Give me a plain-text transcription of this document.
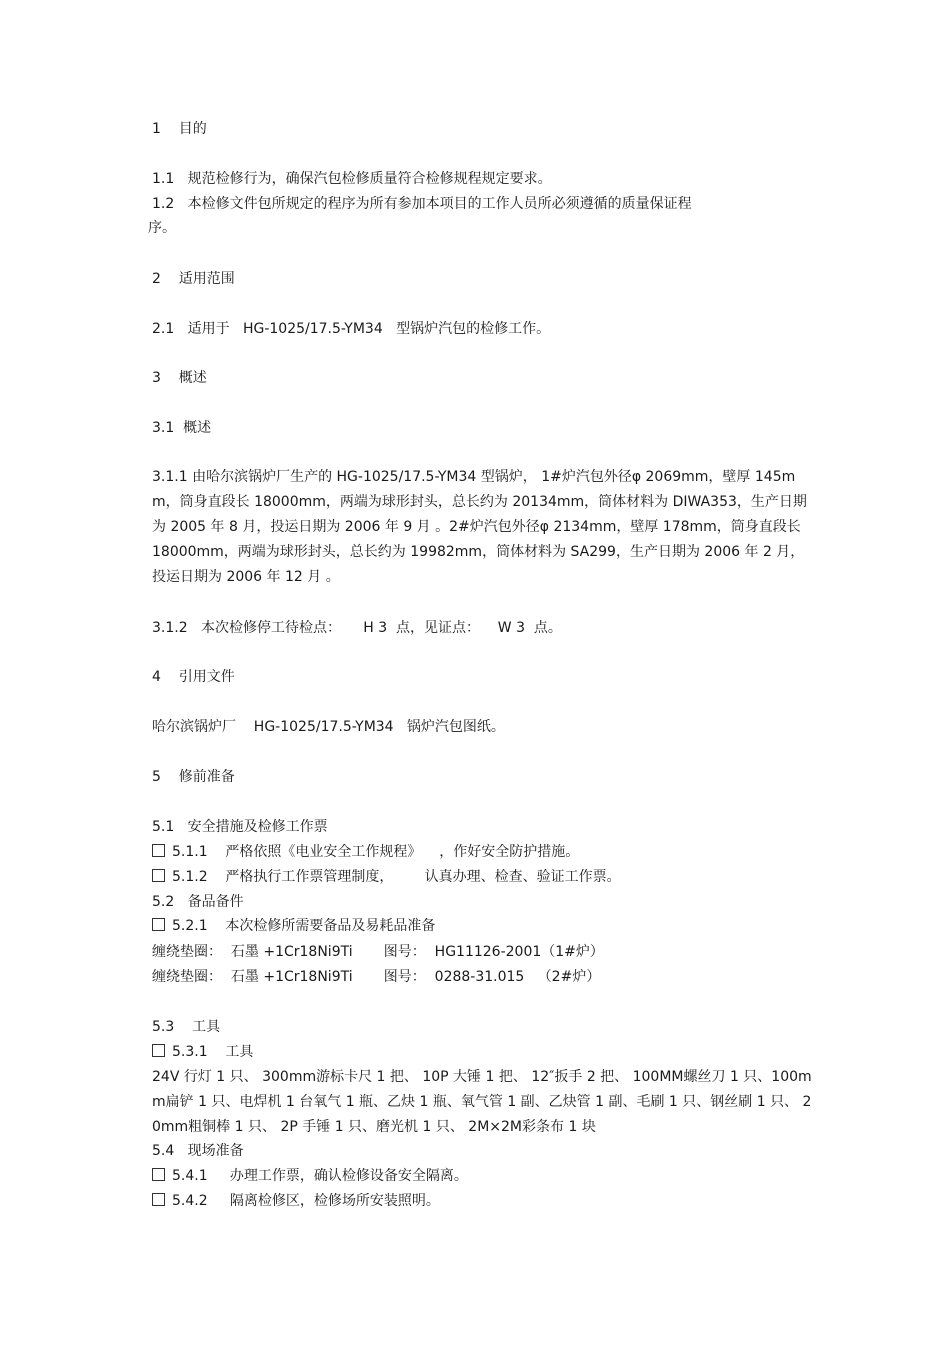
1    目的
1.1   规范检修行为，确保汽包检修质量符合检修规程规定要求。
1.2   本检修文件包所规定的程序为所有参加本项目的工作人员所必须遵循的质量保证程
序。
2    适用范围
2.1   适用于   HG-1025/17.5-YM34   型锅炉汽包的检修工作。
3    概述
3.1  概述
3.1.1 由哈尔滨锅炉厂生产的 HG-1025/17.5-YM34 型锅炉， 1#炉汽包外径φ 2069mm，壁厚 145mm，筒身直段长 18000mm，两端为球形封头，总长约为 20134mm，筒体材料为 DIWA353，生产日期为 2005 年 8 月，投运日期为 2006 年 9 月 。2#炉汽包外径φ 2134mm，壁厚 178mm，筒身直段长 18000mm，两端为球形封头，总长约为 19982mm，筒体材料为 SA299，生产日期为 2006 年 2 月，投运日期为 2006 年 12 月 。
3.1.2   本次检修停工待检点：     H 3  点，见证点：    W 3  点。
4    引用文件
哈尔滨锅炉厂    HG-1025/17.5-YM34   锅炉汽包图纸。
5    修前准备
5.1   安全措施及检修工作票
5.1.1    严格依照《电业安全工作规程》    ，作好安全防护措施。
5.1.2    严格执行工作票管理制度，       认真办理、检查、验证工作票。
5.2   备品备件
5.2.1    本次检修所需要备品及易耗品准备
缠绕垫圈：  石墨 +1Cr18Ni9Ti       图号：  HG11126-2001（1#炉）
缠绕垫圈：  石墨 +1Cr18Ni9Ti       图号：  0288-31.015   （2#炉）
5.3    工具
5.3.1    工具
24V 行灯 1 只、 300mm游标卡尺 1 把、 10P 大锤 1 把、 12″扳手 2 把、 100MM螺丝刀 1 只、100mm扁铲 1 只、电焊机 1 台氧气 1 瓶、乙炔 1 瓶、氧气管 1 副、乙炔管 1 副、毛刷 1 只、钢丝刷 1 只、 20mm粗铜棒 1 只、 2P 手锤 1 只、磨光机 1 只、 2M×2M彩条布 1 块
5.4   现场准备
5.4.1     办理工作票，确认检修设备安全隔离。
5.4.2     隔离检修区，检修场所安装照明。
